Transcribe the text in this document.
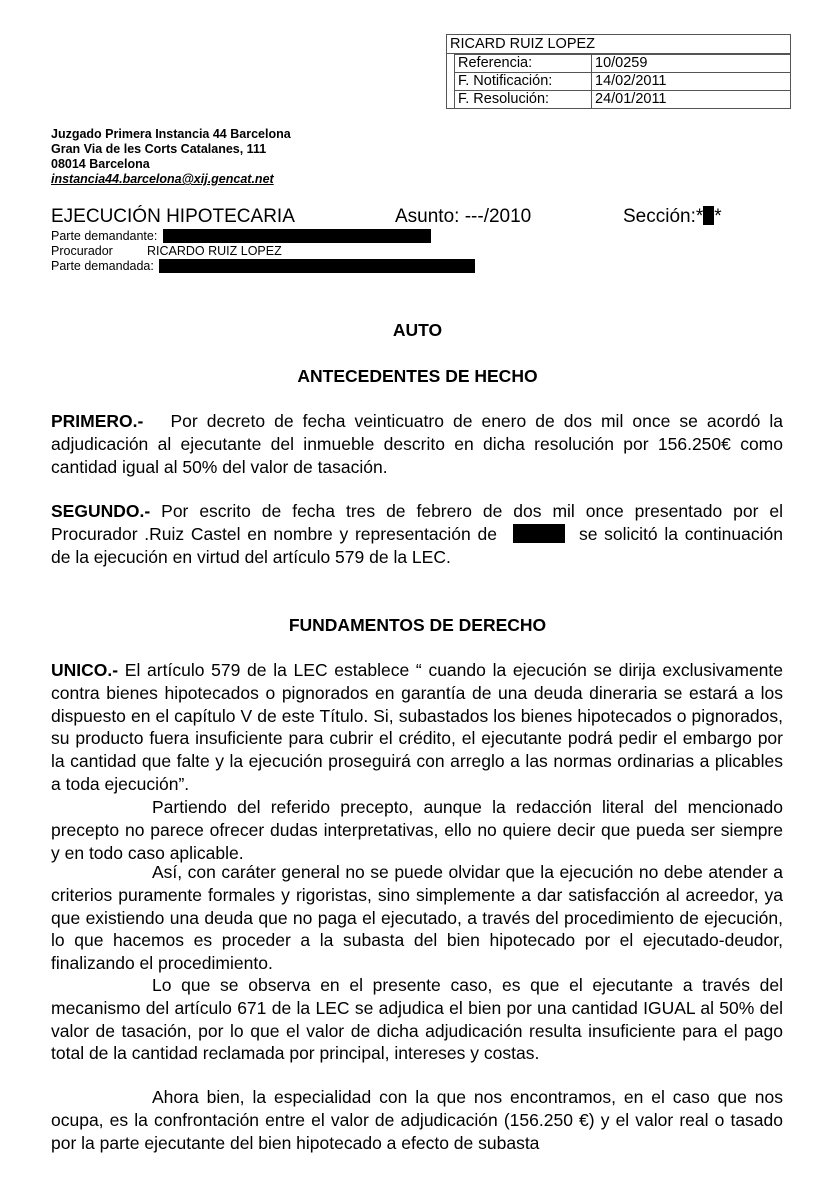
RICARD RUIZ LOPEZ
Referencia:	10/0259
F. Notificación:	14/02/2011
F. Resolución:	24/01/2011
Juzgado Primera Instancia 44 Barcelona
Gran Via de les Corts Catalanes, 111
08014 Barcelona
instancia44.barcelona@xij.gencat.net
EJECUCIÓN HIPOTECARIA	Asunto: ---/2010	Sección:* *
Parte demandante:
Procurador	RICARDO RUIZ LOPEZ
Parte demandada:
AUTO
ANTECEDENTES DE HECHO
PRIMERO.- Por decreto de fecha veinticuatro de enero de dos mil once se acordó la adjudicación al ejecutante del inmueble descrito en dicha resolución por 156.250€ como cantidad igual al 50% del valor de tasación.
SEGUNDO.- Por escrito de fecha tres de febrero de dos mil once presentado por el Procurador .Ruiz Castel en nombre y representación de	se solicitó la continuación de la ejecución en virtud del artículo 579 de la LEC.
FUNDAMENTOS DE DERECHO
UNICO.- El artículo 579 de la LEC establece “ cuando la ejecución se dirija exclusivamente contra bienes hipotecados o pignorados en garantía de una deuda dineraria se estará a los dispuesto en el capítulo V de este Título. Si, subastados los bienes hipotecados o pignorados, su producto fuera insuficiente para cubrir el crédito, el ejecutante podrá pedir el embargo por la cantidad que falte y la ejecución proseguirá con arreglo a las normas ordinarias a plicables a toda ejecución”.
Partiendo del referido precepto, aunque la redacción literal del mencionado precepto no parece ofrecer dudas interpretativas, ello no quiere decir que pueda ser siempre y en todo caso aplicable.
Así, con caráter general no se puede olvidar que la ejecución no debe atender a criterios puramente formales y rigoristas, sino simplemente a dar satisfacción al acreedor, ya que existiendo una deuda que no paga el ejecutado, a través del procedimiento de ejecución, lo que hacemos es proceder a la subasta del bien hipotecado por el ejecutado-deudor, finalizando el procedimiento.
Lo que se observa en el presente caso, es que el ejecutante a través del mecanismo del artículo 671 de la LEC se adjudica el bien por una cantidad IGUAL al 50% del valor de tasación, por lo que el valor de dicha adjudicación resulta insuficiente para el pago total de la cantidad reclamada por principal, intereses y costas.
Ahora bien, la especialidad con la que nos encontramos, en el caso que nos ocupa, es la confrontación entre el valor de adjudicación (156.250 €) y el valor real o tasado por la parte ejecutante del bien hipotecado a efecto de subasta
